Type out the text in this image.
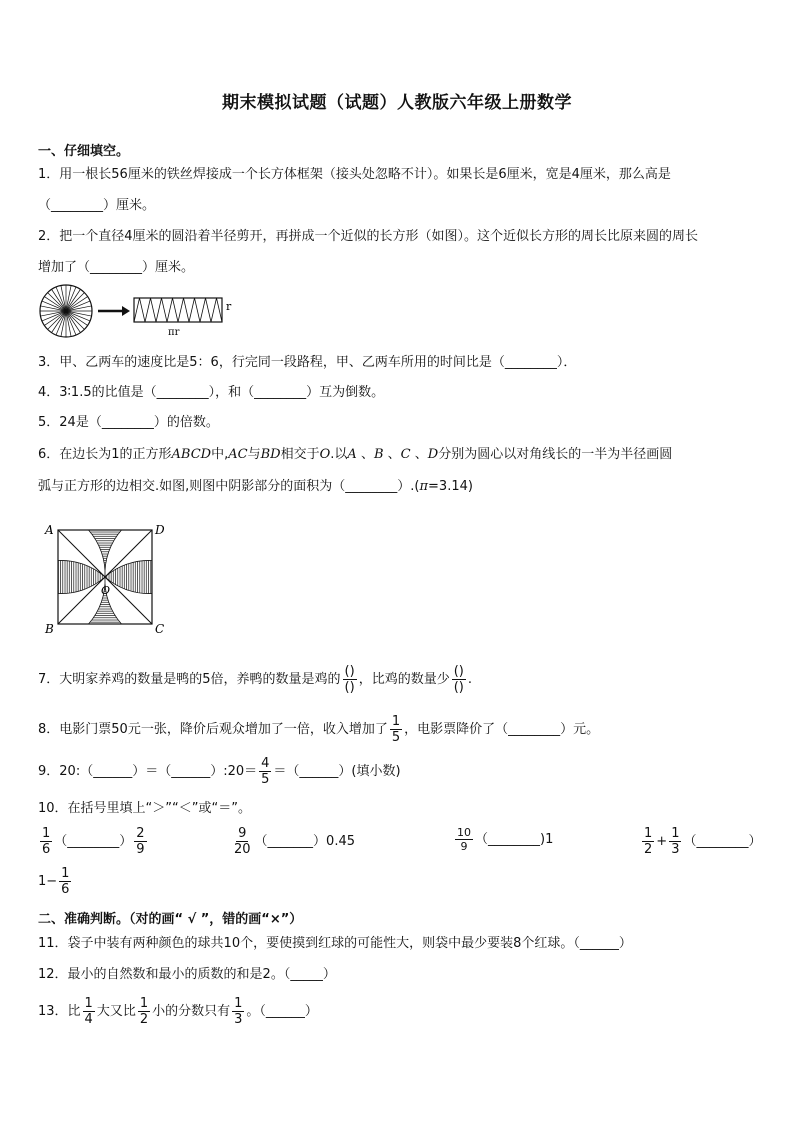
期末模拟试题（试题）人教版六年级上册数学
一、仔细填空。
1．用一根长56厘米的铁丝焊接成一个长方体框架（接头处忽略不计）。如果长是6厘米，宽是4厘米，那么高是
（________）厘米。
2．把一个直径4厘米的圆沿着半径剪开，再拼成一个近似的长方形（如图）。这个近似长方形的周长比原来圆的周长
增加了（________）厘米。
r
πr
3．甲、乙两车的速度比是5：6，行完同一段路程，甲、乙两车所用的时间比是（________）．
4．3∶1.5的比值是（________），和（________）互为倒数。
5．24是（________）的倍数。
6．在边长为1的正方形ABCD中,AC与BD相交于O.以A 、B 、C 、D分别为圆心以对角线长的一半为半径画圆
弧与正方形的边相交.如图,则图中阴影部分的面积为（________）.(π=3.14)
A	D
B	C
O
7．大明家养鸡的数量是鸭的5倍，养鸭的数量是鸡的 $\frac{()}{()}$ ，比鸡的数量少 $\frac{()}{()}$ .
8．电影门票50元一张，降价后观众增加了一倍，收入增加了 $\frac{1}{5}$ ，电影票降价了（________）元。
9．20:（______）＝（______）:20＝ $\frac{4}{5}$ ＝（______）(填小数)
10．在括号里填上“＞”“＜”或“＝”。
$\frac{1}{6}$ （________） $\frac{2}{9}$	$\frac{9}{20}$ （_______）0.45	$\frac{10}{9}$ （________)1	$\frac{1}{2} + \frac{1}{3}$ （________）
$1- \frac{1}{6}$
二、准确判断。（对的画“ √ ”，错的画“×”）
11．袋子中装有两种颜色的球共10个，要使摸到红球的可能性大，则袋中最少要装8个红球。（______）
12．最小的自然数和最小的质数的和是2。（_____）
13．比 $\frac{1}{4}$ 大又比 $\frac{1}{2}$ 小的分数只有 $\frac{1}{3}$ 。（______）
